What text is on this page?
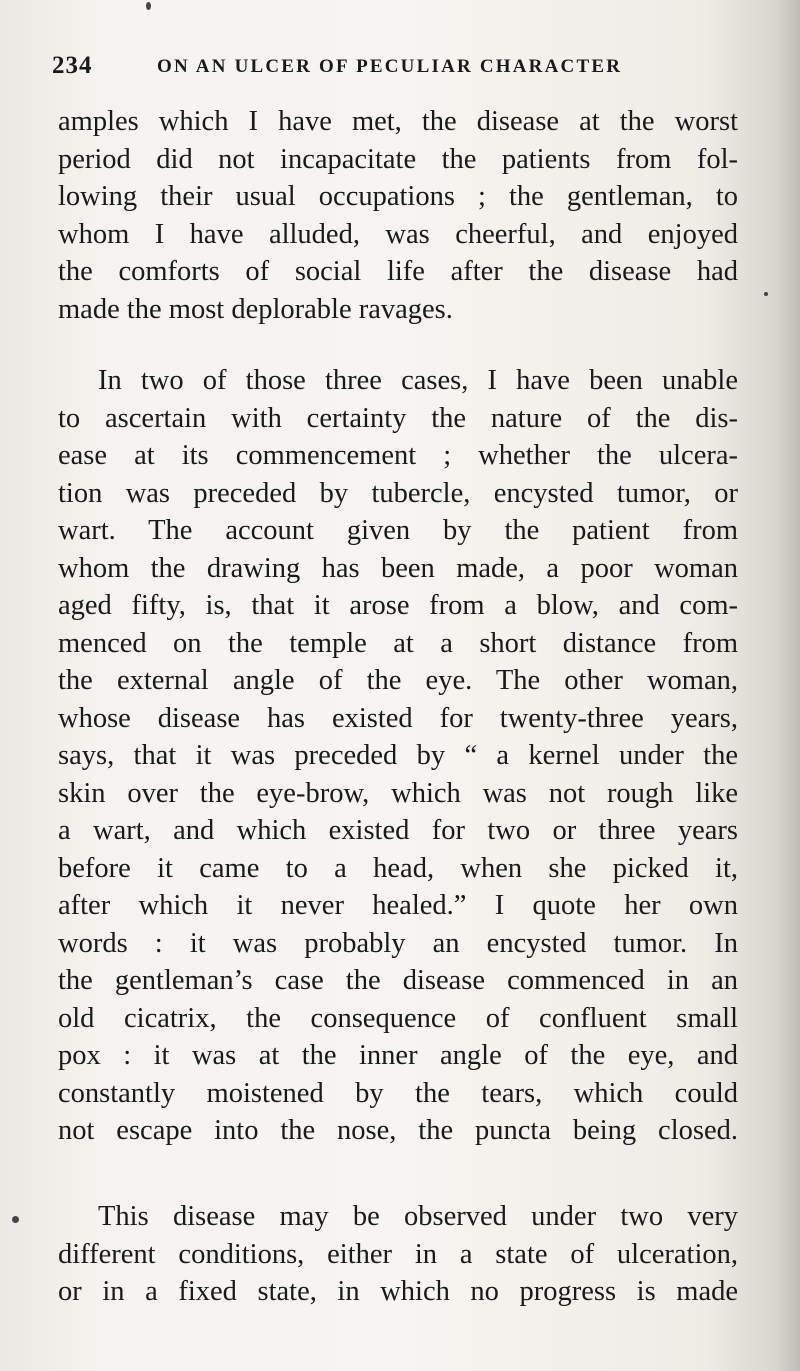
234	ON AN ULCER OF PECULIAR CHARACTER
amples which I have met, the disease at the worst
period did not incapacitate the patients from fol-
lowing their usual occupations ; the gentleman, to
whom I have alluded, was cheerful, and enjoyed
the comforts of social life after the disease had
made the most deplorable ravages.
In two of those three cases, I have been unable
to ascertain with certainty the nature of the dis-
ease at its commencement ; whether the ulcera-
tion was preceded by tubercle, encysted tumor, or
wart. The account given by the patient from
whom the drawing has been made, a poor woman
aged fifty, is, that it arose from a blow, and com-
menced on the temple at a short distance from
the external angle of the eye. The other woman,
whose disease has existed for twenty-three years,
says, that it was preceded by “ a kernel under the
skin over the eye-brow, which was not rough like
a wart, and which existed for two or three years
before it came to a head, when she picked it,
after which it never healed.” I quote her own
words : it was probably an encysted tumor. In
the gentleman’s case the disease commenced in an
old cicatrix, the consequence of confluent small
pox : it was at the inner angle of the eye, and
constantly moistened by the tears, which could
not escape into the nose, the puncta being closed.
This disease may be observed under two very
different conditions, either in a state of ulceration,
or in a fixed state, in which no progress is made
